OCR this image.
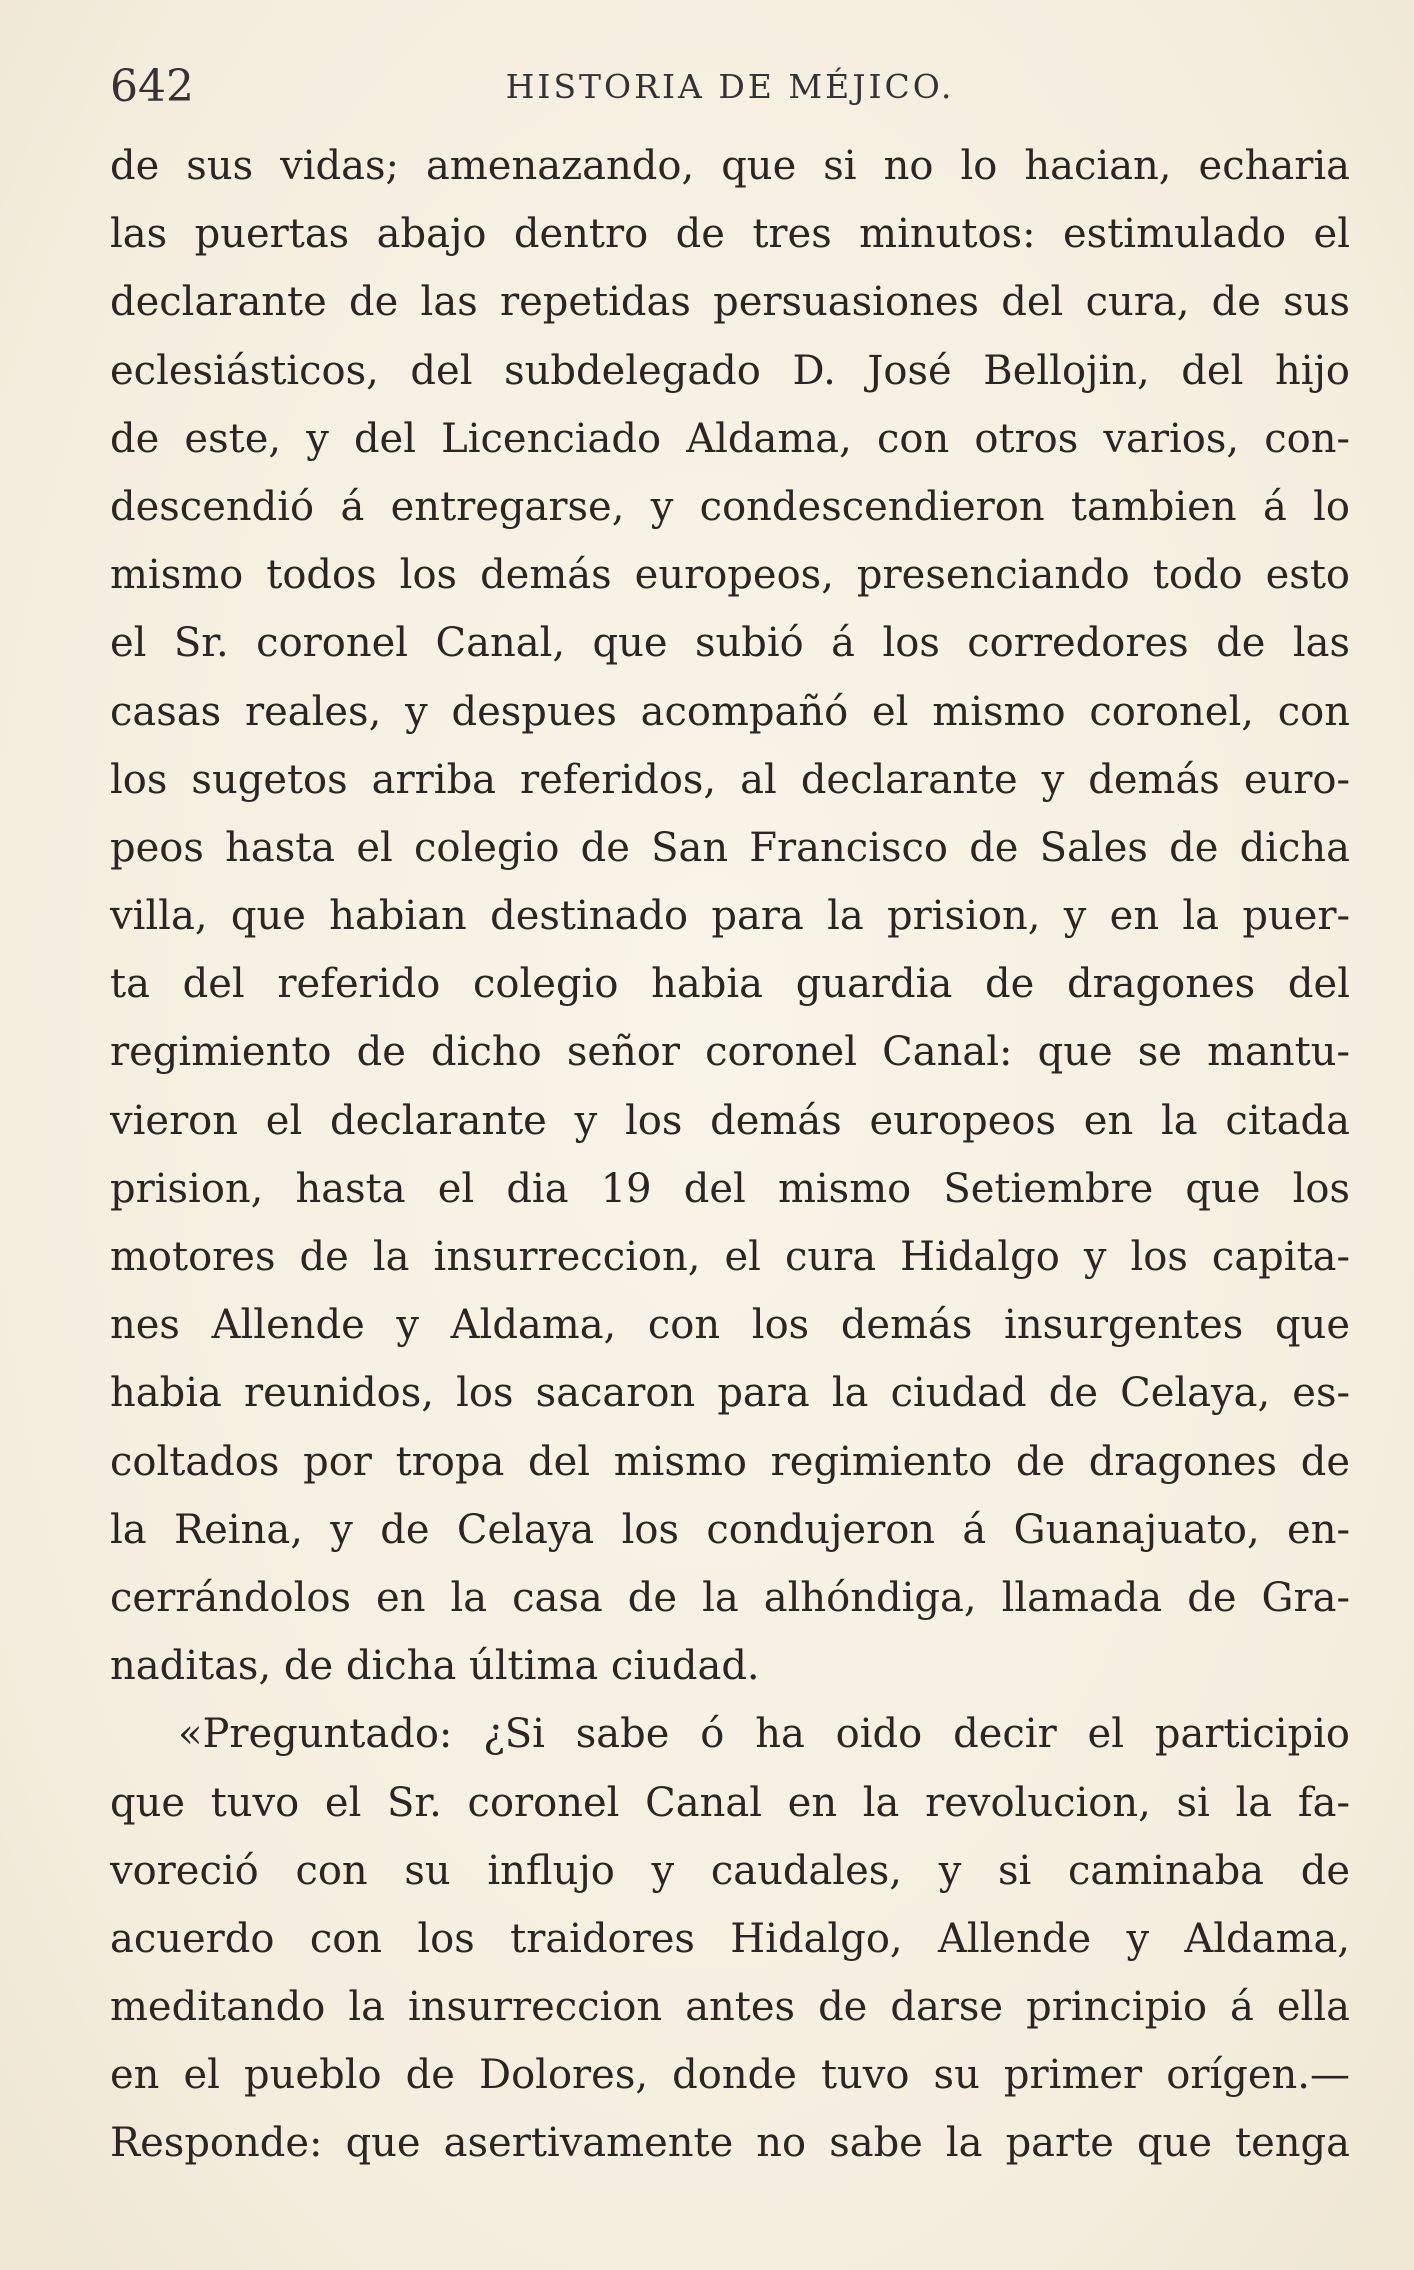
642	HISTORIA DE MÉJICO.
de sus vidas; amenazando, que si no lo hacian, echaria
las puertas abajo dentro de tres minutos: estimulado el
declarante de las repetidas persuasiones del cura, de sus
eclesiásticos, del subdelegado D. José Bellojin, del hijo
de este, y del Licenciado Aldama, con otros varios, con-
descendió á entregarse, y condescendieron tambien á lo
mismo todos los demás europeos, presenciando todo esto
el Sr. coronel Canal, que subió á los corredores de las
casas reales, y despues acompañó el mismo coronel, con
los sugetos arriba referidos, al declarante y demás euro-
peos hasta el colegio de San Francisco de Sales de dicha
villa, que habian destinado para la prision, y en la puer-
ta del referido colegio habia guardia de dragones del
regimiento de dicho señor coronel Canal: que se mantu-
vieron el declarante y los demás europeos en la citada
prision, hasta el dia 19 del mismo Setiembre que los
motores de la insurreccion, el cura Hidalgo y los capita-
nes Allende y Aldama, con los demás insurgentes que
habia reunidos, los sacaron para la ciudad de Celaya, es-
coltados por tropa del mismo regimiento de dragones de
la Reina, y de Celaya los condujeron á Guanajuato, en-
cerrándolos en la casa de la alhóndiga, llamada de Gra-
naditas, de dicha última ciudad.
«Preguntado: ¿Si sabe ó ha oido decir el participio
que tuvo el Sr. coronel Canal en la revolucion, si la fa-
voreció con su influjo y caudales, y si caminaba de
acuerdo con los traidores Hidalgo, Allende y Aldama,
meditando la insurreccion antes de darse principio á ella
en el pueblo de Dolores, donde tuvo su primer orígen.—
Responde: que asertivamente no sabe la parte que tenga
